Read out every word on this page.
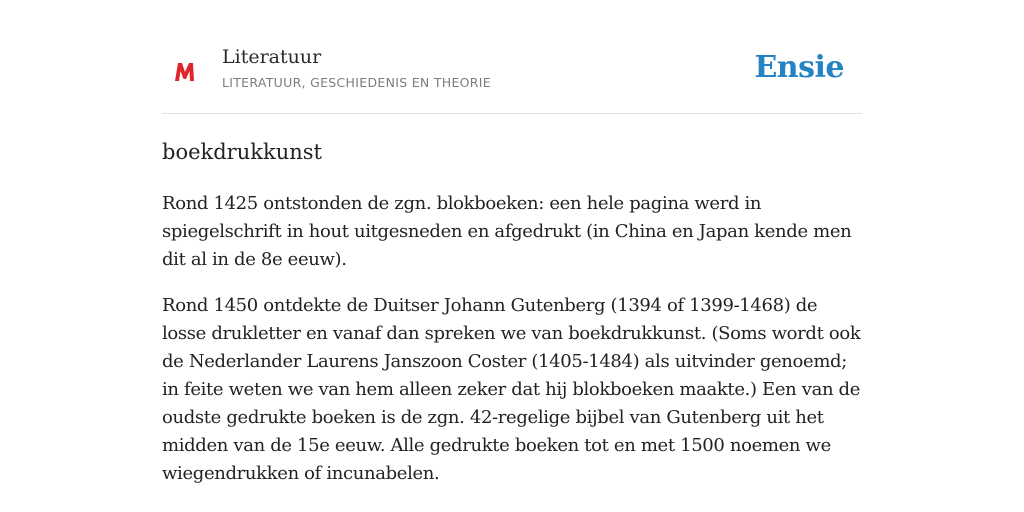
Literatuur
LITERATUUR, GESCHIEDENIS EN THEORIE	Ensie
boekdrukkunst

Rond 1425 ontstonden de zgn. blokboeken: een hele pagina werd in spiegelschrift in hout uitgesneden en afgedrukt (in China en Japan kende men dit al in de 8e eeuw).

Rond 1450 ontdekte de Duitser Johann Gutenberg (1394 of 1399-1468) de losse drukletter en vanaf dan spreken we van boekdrukkunst. (Soms wordt ook de Nederlander Laurens Janszoon Coster (1405-1484) als uitvinder genoemd; in feite weten we van hem alleen zeker dat hij blokboeken maakte.) Een van de oudste gedrukte boeken is de zgn. 42-regelige bijbel van Gutenberg uit het midden van de 15e eeuw. Alle gedrukte boeken tot en met 1500 noemen we wiegendrukken of incunabelen.
